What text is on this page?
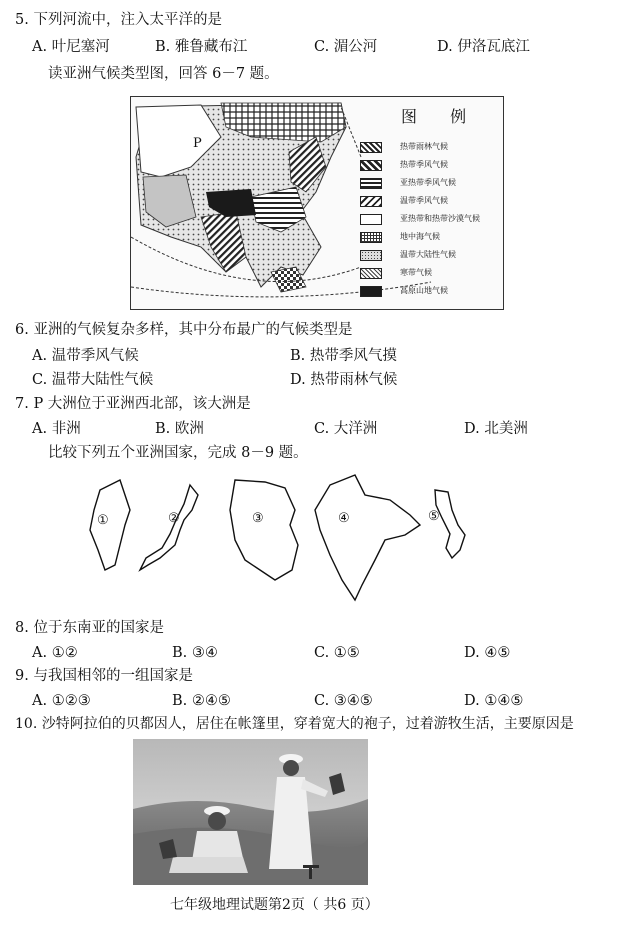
5. 下列河流中，注入太平洋的是
A. 叶尼塞河	B. 雅鲁藏布江	C. 湄公河	D. 伊洛瓦底江
读亚洲气候类型图，回答 6－7 题。
P
图 例
热带雨林气候
热带季风气候
亚热带季风气候
温带季风气候
亚热带和热带沙漠气候
地中海气候
温带大陆性气候
寒带气候
高原山地气候
6. 亚洲的气候复杂多样，其中分布最广的气候类型是
A. 温带季风气候	B. 热带季风气摸
C. 温带大陆性气候	D. 热带雨林气候
7. P 大洲位于亚洲西北部，该大洲是
A. 非洲	B. 欧洲	C. 大洋洲	D. 北美洲
比较下列五个亚洲国家，完成 8－9 题。
①	②	③	④	⑤
8. 位于东南亚的国家是
A. ①②	B. ③④	C. ①⑤	D. ④⑤
9. 与我国相邻的一组国家是
A. ①②③	B. ②④⑤	C. ③④⑤	D. ①④⑤
10. 沙特阿拉伯的贝都因人，居住在帐篷里，穿着宽大的袍子，过着游牧生活，主要原因是
七年级地理试题第2页（ 共6 页）
